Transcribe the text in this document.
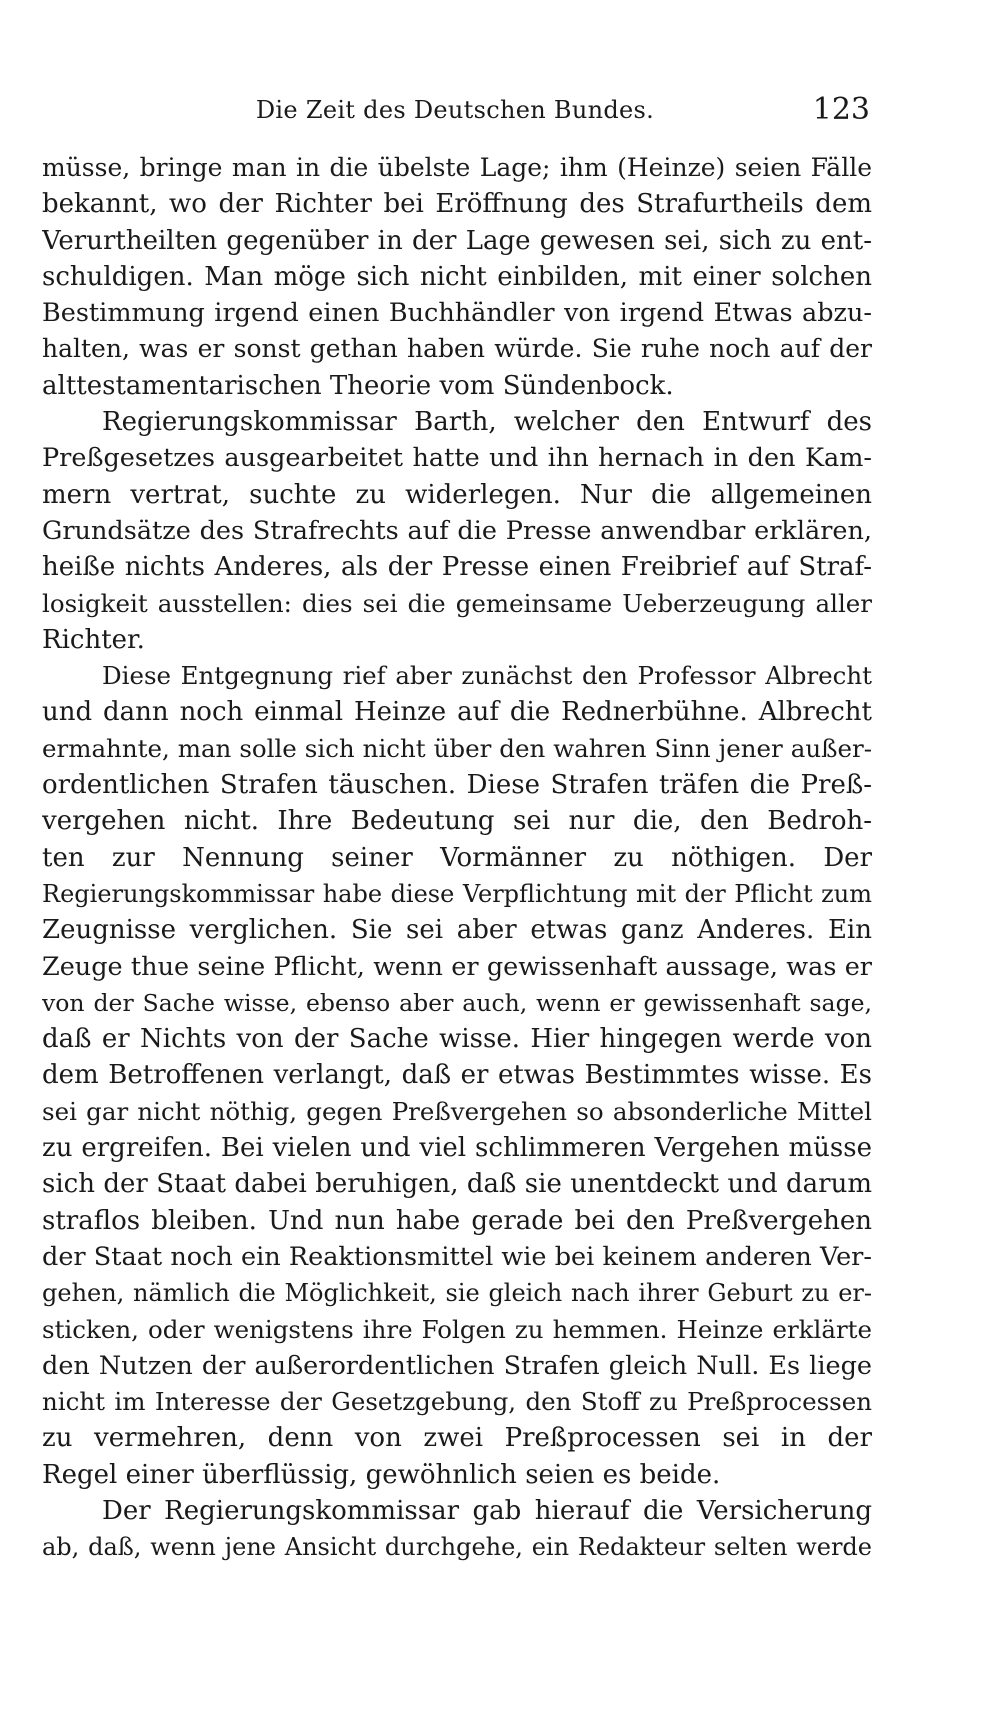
Die Zeit des Deutschen Bundes.	123
müsse, bringe man in die übelste Lage; ihm (Heinze) seien Fälle
bekannt, wo der Richter bei Eröffnung des Strafurtheils dem
Verurtheilten gegenüber in der Lage gewesen sei, sich zu ent-
schuldigen. Man möge sich nicht einbilden, mit einer solchen
Bestimmung irgend einen Buchhändler von irgend Etwas abzu-
halten, was er sonst gethan haben würde. Sie ruhe noch auf der
alttestamentarischen Theorie vom Sündenbock.
Regierungskommissar Barth, welcher den Entwurf des
Preßgesetzes ausgearbeitet hatte und ihn hernach in den Kam-
mern vertrat, suchte zu widerlegen. Nur die allgemeinen
Grundsätze des Strafrechts auf die Presse anwendbar erklären,
heiße nichts Anderes, als der Presse einen Freibrief auf Straf-
losigkeit ausstellen: dies sei die gemeinsame Ueberzeugung aller
Richter.
Diese Entgegnung rief aber zunächst den Professor Albrecht
und dann noch einmal Heinze auf die Rednerbühne. Albrecht
ermahnte, man solle sich nicht über den wahren Sinn jener außer-
ordentlichen Strafen täuschen. Diese Strafen träfen die Preß-
vergehen nicht. Ihre Bedeutung sei nur die, den Bedroh-
ten zur Nennung seiner Vormänner zu nöthigen. Der
Regierungskommissar habe diese Verpflichtung mit der Pflicht zum
Zeugnisse verglichen. Sie sei aber etwas ganz Anderes. Ein
Zeuge thue seine Pflicht, wenn er gewissenhaft aussage, was er
von der Sache wisse, ebenso aber auch, wenn er gewissenhaft sage,
daß er Nichts von der Sache wisse. Hier hingegen werde von
dem Betroffenen verlangt, daß er etwas Bestimmtes wisse. Es
sei gar nicht nöthig, gegen Preßvergehen so absonderliche Mittel
zu ergreifen. Bei vielen und viel schlimmeren Vergehen müsse
sich der Staat dabei beruhigen, daß sie unentdeckt und darum
straflos bleiben. Und nun habe gerade bei den Preßvergehen
der Staat noch ein Reaktionsmittel wie bei keinem anderen Ver-
gehen, nämlich die Möglichkeit, sie gleich nach ihrer Geburt zu er-
sticken, oder wenigstens ihre Folgen zu hemmen. Heinze erklärte
den Nutzen der außerordentlichen Strafen gleich Null. Es liege
nicht im Interesse der Gesetzgebung, den Stoff zu Preßprocessen
zu vermehren, denn von zwei Preßprocessen sei in der
Regel einer überflüssig, gewöhnlich seien es beide.
Der Regierungskommissar gab hierauf die Versicherung
ab, daß, wenn jene Ansicht durchgehe, ein Redakteur selten werde
